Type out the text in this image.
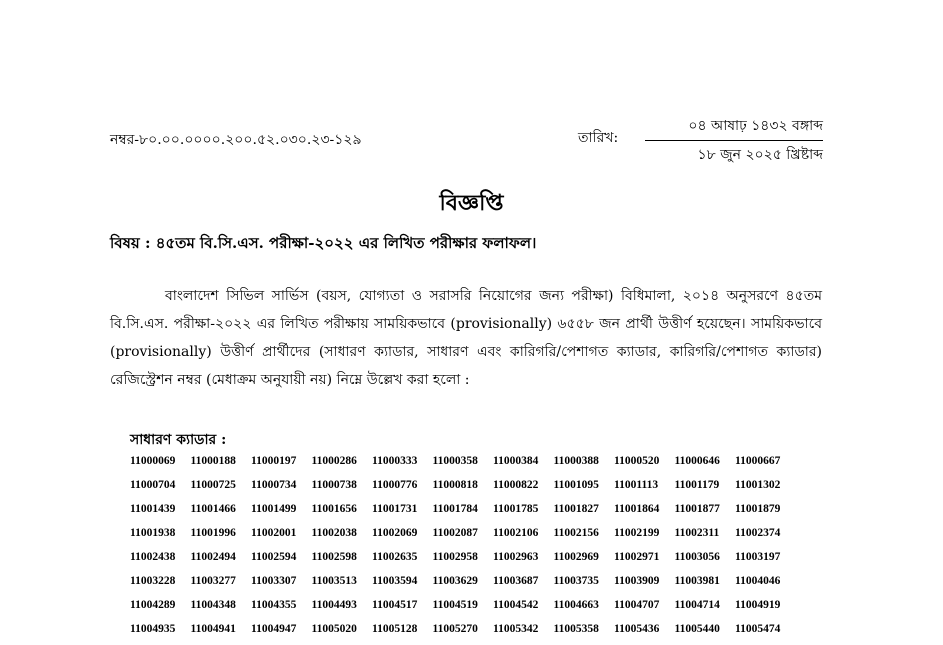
নম্বর-৮০.০০.০০০০.২০০.৫২.০৩০.২৩-১২৯	তারিখ:
০৪ আষাঢ় ১৪৩২ বঙ্গাব্দ
১৮ জুন ২০২৫ খ্রিষ্টাব্দ
বিজ্ঞপ্তি
বিষয় : ৪৫তম বি.সি.এস. পরীক্ষা-২০২২ এর লিখিত পরীক্ষার ফলাফল।

বাংলাদেশ সিভিল সার্ভিস (বয়স, যোগ্যতা ও সরাসরি নিয়োগের জন্য পরীক্ষা) বিধিমালা, ২০১৪ অনুসরণে ৪৫তম বি.সি.এস. পরীক্ষা-২০২২ এর লিখিত পরীক্ষায় সাময়িকভাবে (provisionally) ৬৫৫৮ জন প্রার্থী উত্তীর্ণ হয়েছেন। সাময়িকভাবে (provisionally) উত্তীর্ণ প্রার্থীদের (সাধারণ ক্যাডার, সাধারণ এবং কারিগরি/পেশাগত ক্যাডার, কারিগরি/পেশাগত ক্যাডার) রেজিস্ট্রেশন নম্বর (মেধাক্রম অনুযায়ী নয়) নিম্নে উল্লেখ করা হলো :

সাধারণ ক্যাডার :
11000069	11000188	11000197	11000286	11000333	11000358	11000384	11000388	11000520	11000646	11000667
11000704	11000725	11000734	11000738	11000776	11000818	11000822	11001095	11001113	11001179	11001302
11001439	11001466	11001499	11001656	11001731	11001784	11001785	11001827	11001864	11001877	11001879
11001938	11001996	11002001	11002038	11002069	11002087	11002106	11002156	11002199	11002311	11002374
11002438	11002494	11002594	11002598	11002635	11002958	11002963	11002969	11002971	11003056	11003197
11003228	11003277	11003307	11003513	11003594	11003629	11003687	11003735	11003909	11003981	11004046
11004289	11004348	11004355	11004493	11004517	11004519	11004542	11004663	11004707	11004714	11004919
11004935	11004941	11004947	11005020	11005128	11005270	11005342	11005358	11005436	11005440	11005474
